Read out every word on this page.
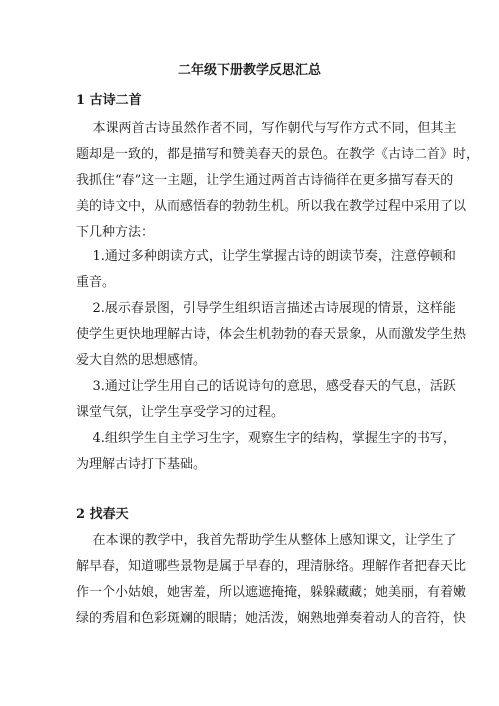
二年级下册教学反思汇总
1 古诗二首
本课两首古诗虽然作者不同，写作朝代与写作方式不同，但其主
题却是一致的，都是描写和赞美春天的景色。在教学《古诗二首》时，
我抓住“春”这一主题，让学生通过两首古诗徜徉在更多描写春天的
美的诗文中，从而感悟春的勃勃生机。所以我在教学过程中采用了以
下几种方法：
1.通过多种朗读方式，让学生掌握古诗的朗读节奏，注意停顿和
重音。
2.展示春景图，引导学生组织语言描述古诗展现的情景，这样能
使学生更快地理解古诗，体会生机勃勃的春天景象，从而激发学生热
爱大自然的思想感情。
3.通过让学生用自己的话说诗句的意思，感受春天的气息，活跃
课堂气氛，让学生享受学习的过程。
4.组织学生自主学习生字，观察生字的结构，掌握生字的书写，
为理解古诗打下基础。
2 找春天
在本课的教学中，我首先帮助学生从整体上感知课文，让学生了
解早春，知道哪些景物是属于早春的，理清脉络。理解作者把春天比
作一个小姑娘，她害羞，所以遮遮掩掩，躲躲藏藏；她美丽，有着嫩
绿的秀眉和色彩斑斓的眼睛；她活泼，娴熟地弹奏着动人的音符，快
